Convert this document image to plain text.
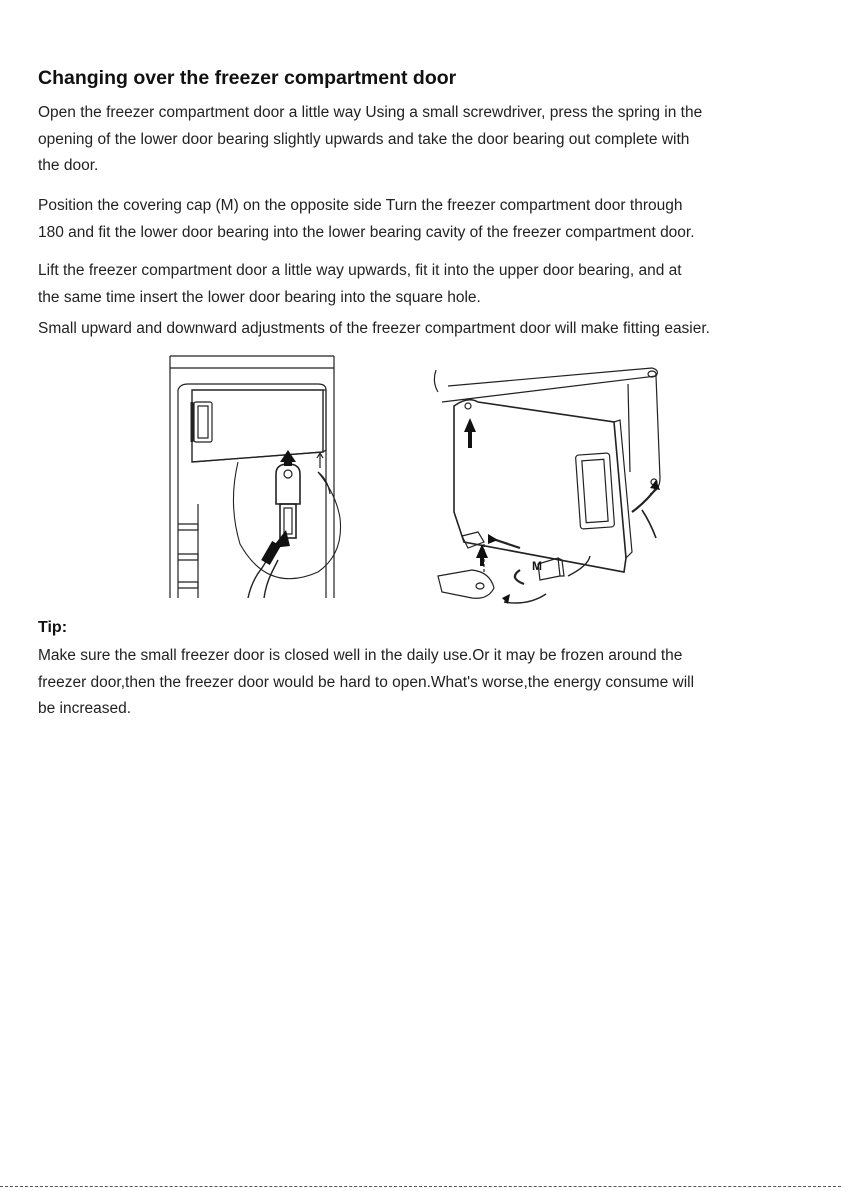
Changing over the freezer compartment door

Open the freezer compartment door a little way Using a small screwdriver, press the spring in the
opening of the lower door bearing slightly upwards and take the door bearing out complete with
the door.

Position the covering cap (M) on the opposite side Turn the freezer compartment door through
180 and fit the lower door bearing into the lower bearing cavity of the freezer compartment door.

Lift the freezer compartment door a little way upwards, fit it into the upper door bearing, and at
the same time insert the lower door bearing into the square hole.

Small upward and downward adjustments of the freezer compartment door will make fitting easier.

M
Tip:

Make sure the small freezer door is closed well in the daily use.Or it may be frozen around the
freezer door,then the freezer door would be hard to open.What's worse,the energy consume will
be increased.
